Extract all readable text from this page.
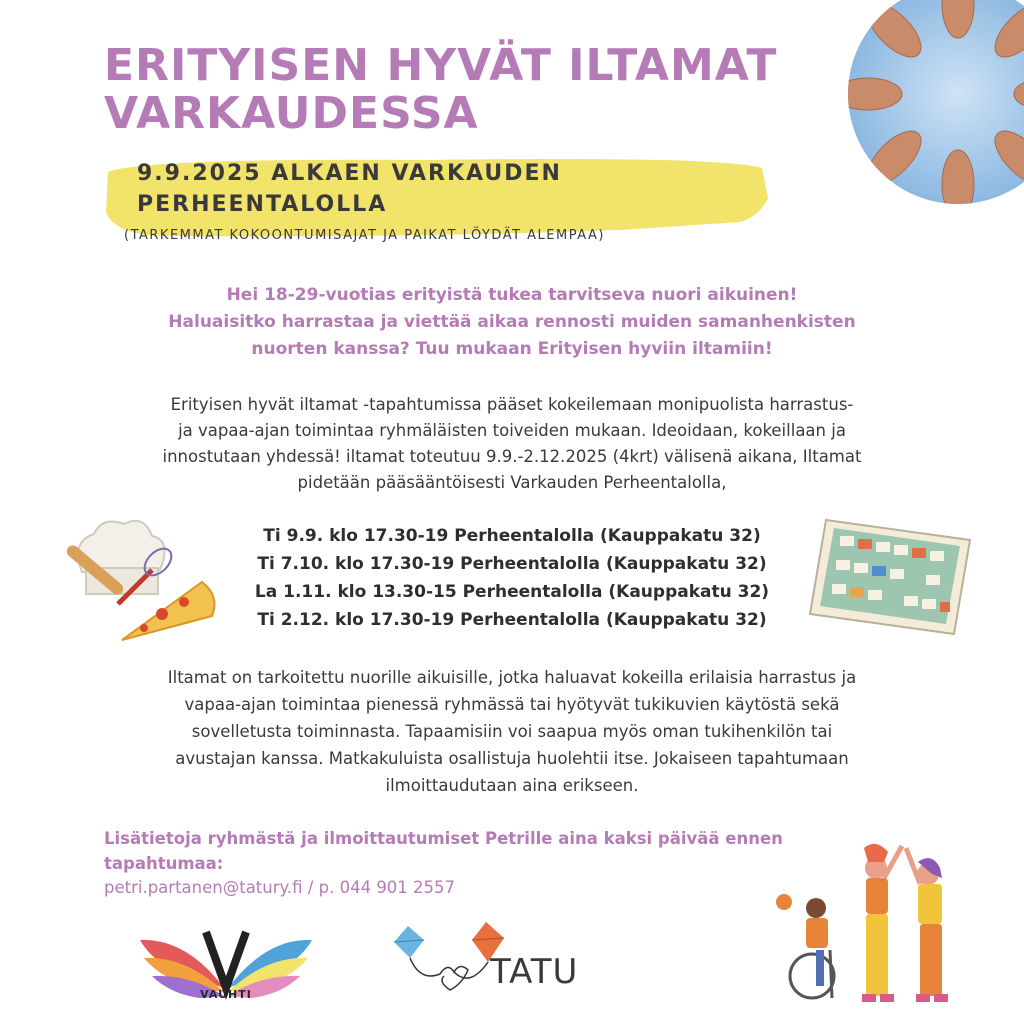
ERITYISEN HYVÄT ILTAMAT
VARKAUDESSA
9.9.2025 ALKAEN VARKAUDEN
PERHEENTALOLLA
(TARKEMMAT KOKOONTUMISAJAT JA PAIKAT LÖYDÄT ALEMPAA)
Hei 18-29-vuotias erityistä tukea tarvitseva nuori aikuinen!
Haluaisitko harrastaa ja viettää aikaa rennosti muiden samanhenkisten
nuorten kanssa? Tuu mukaan Erityisen hyviin iltamiin!
Erityisen hyvät iltamat -tapahtumissa pääset kokeilemaan monipuolista harrastus-
ja vapaa-ajan toimintaa ryhmäläisten toiveiden mukaan. Ideoidaan, kokeillaan ja
innostutaan yhdessä! iltamat toteutuu 9.9.-2.12.2025 (4krt) välisenä aikana, Iltamat
pidetään pääsääntöisesti Varkauden Perheentalolla,
Ti 9.9. klo 17.30-19 Perheentalolla (Kauppakatu 32)
Ti 7.10. klo 17.30-19 Perheentalolla (Kauppakatu 32)
La 1.11. klo 13.30-15 Perheentalolla (Kauppakatu 32)
Ti 2.12. klo 17.30-19 Perheentalolla (Kauppakatu 32)
Iltamat on tarkoitettu nuorille aikuisille, jotka haluavat kokeilla erilaisia harrastus ja
vapaa-ajan toimintaa pienessä ryhmässä tai hyötyvät tukikuvien käytöstä sekä
sovelletusta toiminnasta. Tapaamisiin voi saapua myös oman tukihenkilön tai
avustajan kanssa. Matkakuluista osallistuja huolehtii itse. Jokaiseen tapahtumaan
ilmoittaudutaan aina erikseen.
Lisätietoja ryhmästä ja ilmoittautumiset Petrille aina kaksi päivää ennen
tapahtumaa:
petri.partanen@tatury.fi / p. 044 901 2557
VAUHTI
TATU
